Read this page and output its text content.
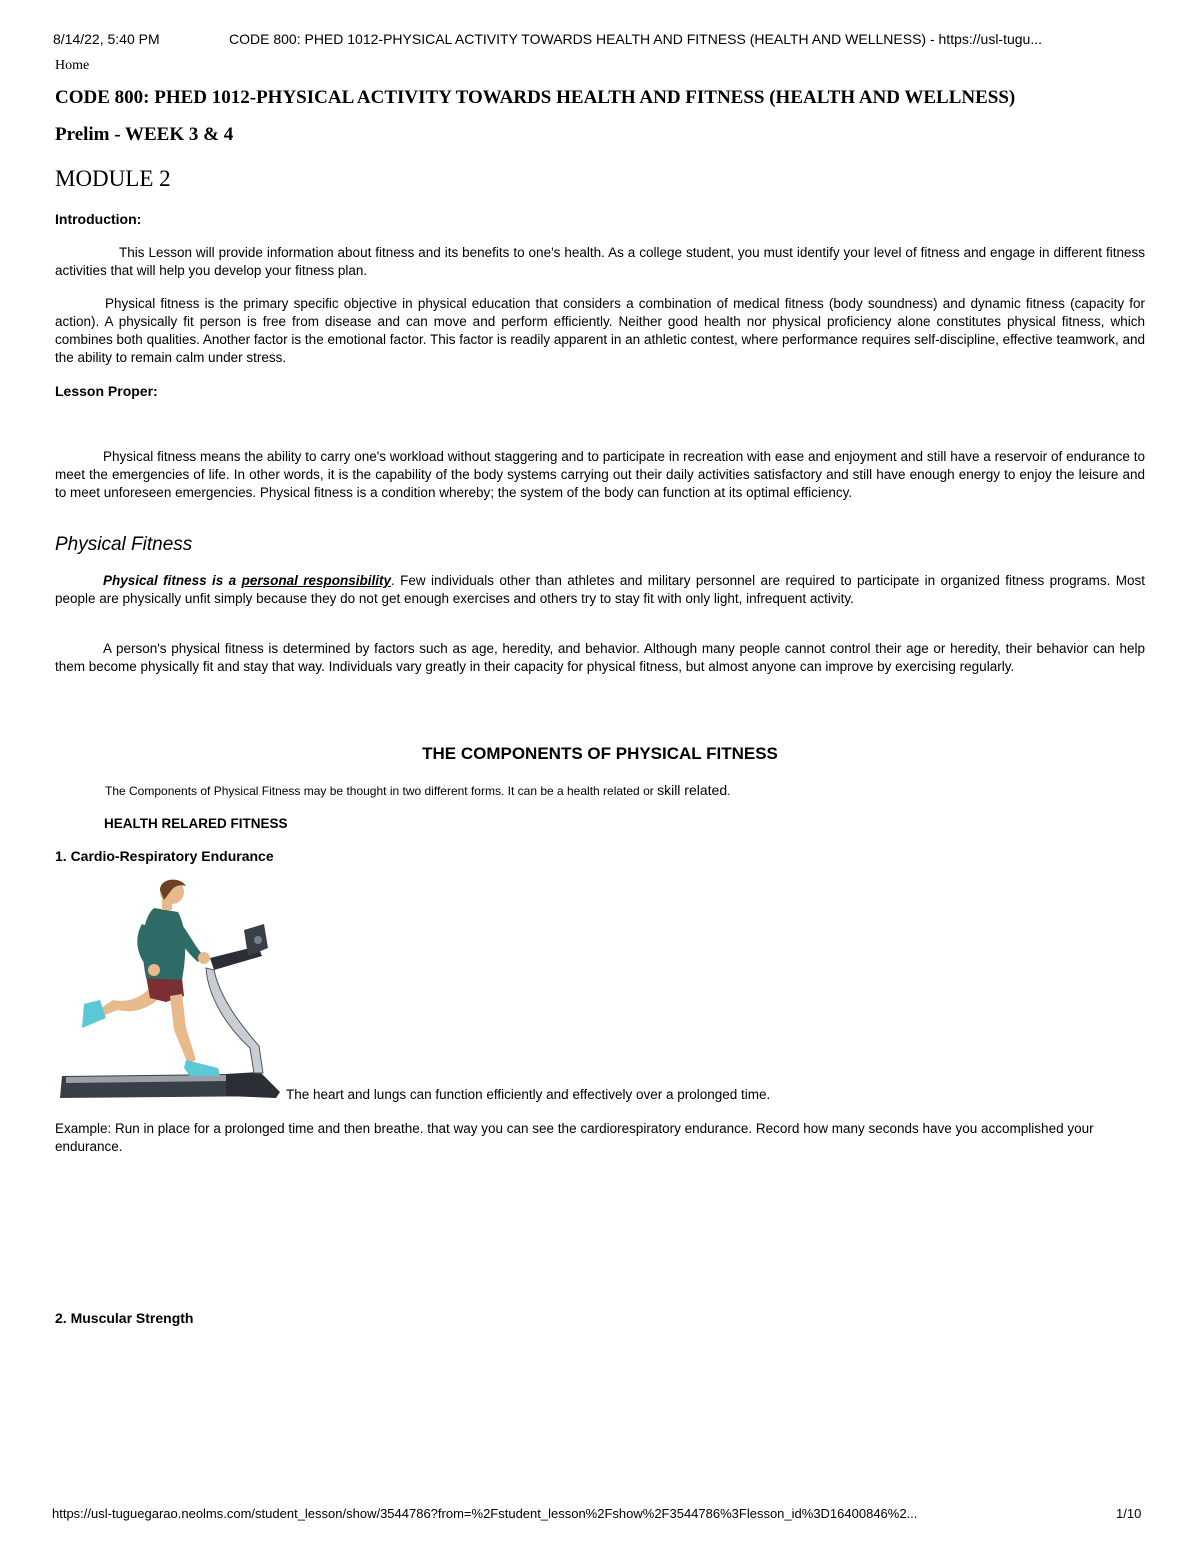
8/14/22, 5:40 PM	CODE 800: PHED 1012-PHYSICAL ACTIVITY TOWARDS HEALTH AND FITNESS (HEALTH AND WELLNESS) - https://usl-tugu...
Home
CODE 800: PHED 1012-PHYSICAL ACTIVITY TOWARDS HEALTH AND FITNESS (HEALTH AND WELLNESS)
Prelim - WEEK 3 & 4
MODULE 2
Introduction:

This Lesson will provide information about fitness and its benefits to one's health. As a college student, you must identify your level of fitness and engage in different fitness activities that will help you develop your fitness plan.

Physical fitness is the primary specific objective in physical education that considers a combination of medical fitness (body soundness) and dynamic fitness (capacity for action). A physically fit person is free from disease and can move and perform efficiently. Neither good health nor physical proficiency alone constitutes physical fitness, which combines both qualities. Another factor is the emotional factor. This factor is readily apparent in an athletic contest, where performance requires self-discipline, effective teamwork, and the ability to remain calm under stress.

Lesson Proper:

Physical fitness means the ability to carry one's workload without staggering and to participate in recreation with ease and enjoyment and still have a reservoir of endurance to meet the emergencies of life. In other words, it is the capability of the body systems carrying out their daily activities satisfactory and still have enough energy to enjoy the leisure and to meet unforeseen emergencies. Physical fitness is a condition whereby; the system of the body can function at its optimal efficiency.

Physical Fitness

Physical fitness is a personal responsibility. Few individuals other than athletes and military personnel are required to participate in organized fitness programs. Most people are physically unfit simply because they do not get enough exercises and others try to stay fit with only light, infrequent activity.

A person's physical fitness is determined by factors such as age, heredity, and behavior. Although many people cannot control their age or heredity, their behavior can help them become physically fit and stay that way. Individuals vary greatly in their capacity for physical fitness, but almost anyone can improve by exercising regularly.

THE COMPONENTS OF PHYSICAL FITNESS
The Components of Physical Fitness may be thought in two different forms. It can be a health related or skill related.
HEALTH RELARED FITNESS
1. Cardio-Respiratory Endurance
The heart and lungs can function efficiently and effectively over a prolonged time.

Example: Run in place for a prolonged time and then breathe. that way you can see the cardiorespiratory endurance. Record how many seconds have you accomplished your endurance.

2. Muscular Strength
https://usl-tuguegarao.neolms.com/student_lesson/show/3544786?from=%2Fstudent_lesson%2Fshow%2F3544786%3Flesson_id%3D16400846%2...	1/10
